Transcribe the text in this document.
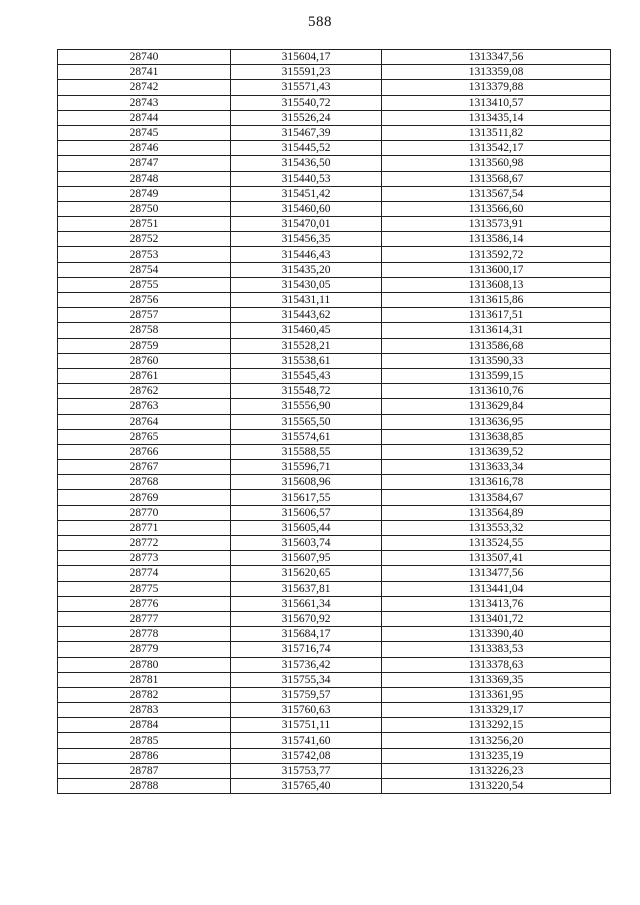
588
28740	315604,17	1313347,56
28741	315591,23	1313359,08
28742	315571,43	1313379,88
28743	315540,72	1313410,57
28744	315526,24	1313435,14
28745	315467,39	1313511,82
28746	315445,52	1313542,17
28747	315436,50	1313560,98
28748	315440,53	1313568,67
28749	315451,42	1313567,54
28750	315460,60	1313566,60
28751	315470,01	1313573,91
28752	315456,35	1313586,14
28753	315446,43	1313592,72
28754	315435,20	1313600,17
28755	315430,05	1313608,13
28756	315431,11	1313615,86
28757	315443,62	1313617,51
28758	315460,45	1313614,31
28759	315528,21	1313586,68
28760	315538,61	1313590,33
28761	315545,43	1313599,15
28762	315548,72	1313610,76
28763	315556,90	1313629,84
28764	315565,50	1313636,95
28765	315574,61	1313638,85
28766	315588,55	1313639,52
28767	315596,71	1313633,34
28768	315608,96	1313616,78
28769	315617,55	1313584,67
28770	315606,57	1313564,89
28771	315605,44	1313553,32
28772	315603,74	1313524,55
28773	315607,95	1313507,41
28774	315620,65	1313477,56
28775	315637,81	1313441,04
28776	315661,34	1313413,76
28777	315670,92	1313401,72
28778	315684,17	1313390,40
28779	315716,74	1313383,53
28780	315736,42	1313378,63
28781	315755,34	1313369,35
28782	315759,57	1313361,95
28783	315760,63	1313329,17
28784	315751,11	1313292,15
28785	315741,60	1313256,20
28786	315742,08	1313235,19
28787	315753,77	1313226,23
28788	315765,40	1313220,54
